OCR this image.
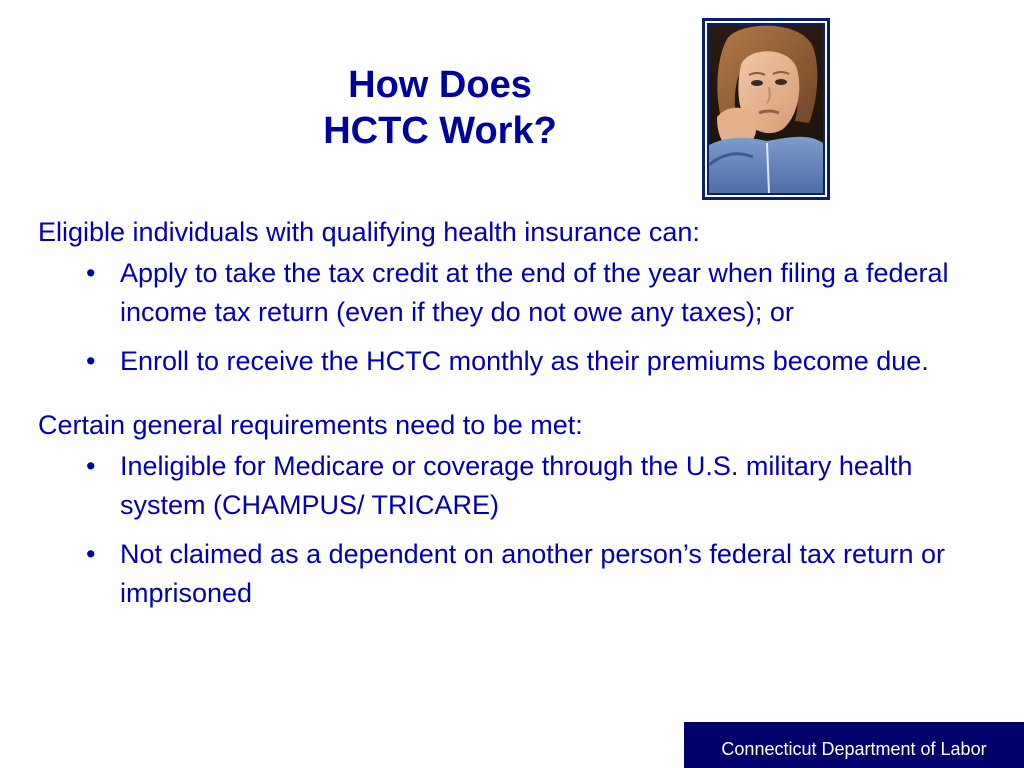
How Does
HCTC Work?

Eligible individuals with qualifying health insurance can:

• Apply to take the tax credit at the end of the year when filing a federal income tax return (even if they do not owe any taxes); or
• Enroll to receive the HCTC monthly as their premiums become due.

Certain general requirements need to be met:

• Ineligible for Medicare or coverage through the U.S. military health system (CHAMPUS/ TRICARE)
• Not claimed as a dependent on another person’s federal tax return or imprisoned
Connecticut Department of Labor
